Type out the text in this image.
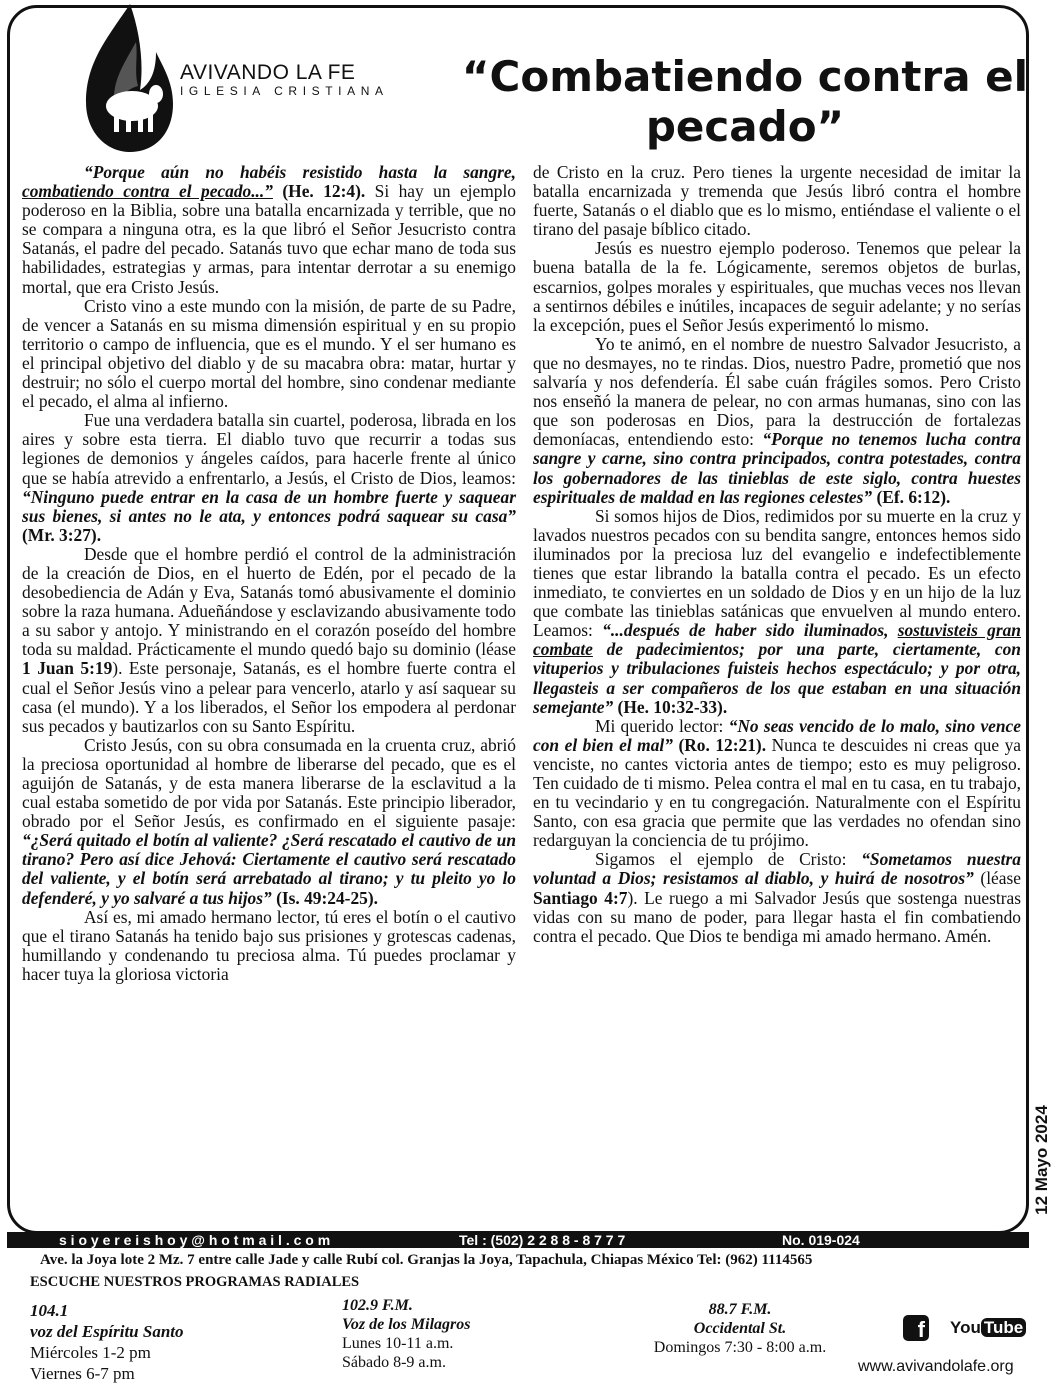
AVIVANDO LA FE
IGLESIA CRISTIANA	“Combatiendo contra el
pecado”

“Porque aún no habéis resistido hasta la sangre, combatiendo contra el pecado...” (He. 12:4). Si hay un ejemplo poderoso en la Biblia, sobre una batalla encarnizada y terrible, que no se compara a ninguna otra, es la que libró el Señor Jesucristo contra Satanás, el padre del pecado. Satanás tuvo que echar mano de toda sus habilidades, estrategias y armas, para intentar derrotar a su enemigo mortal, que era Cristo Jesús.

Cristo vino a este mundo con la misión, de parte de su Padre, de vencer a Satanás en su misma dimensión espiritual y en su propio territorio o campo de influencia, que es el mundo. Y el ser humano es el principal objetivo del diablo y de su macabra obra: matar, hurtar y destruir; no sólo el cuerpo mortal del hombre, sino condenar mediante el pecado, el alma al infierno.

Fue una verdadera batalla sin cuartel, poderosa, librada en los aires y sobre esta tierra. El diablo tuvo que recurrir a todas sus legiones de demonios y ángeles caídos, para hacerle frente al único que se había atrevido a enfrentarlo, a Jesús, el Cristo de Dios, leamos: “Ninguno puede entrar en la casa de un hombre fuerte y saquear sus bienes, si antes no le ata, y entonces podrá saquear su casa” (Mr. 3:27).

Desde que el hombre perdió el control de la administración de la creación de Dios, en el huerto de Edén, por el pecado de la desobediencia de Adán y Eva, Satanás tomó abusivamente el dominio sobre la raza humana. Adueñándose y esclavizando abusivamente todo a su sabor y antojo. Y ministrando en el corazón poseído del hombre toda su maldad. Prácticamente el mundo quedó bajo su dominio (léase 1 Juan 5:19). Este personaje, Satanás, es el hombre fuerte contra el cual el Señor Jesús vino a pelear para vencerlo, atarlo y así saquear su casa (el mundo). Y a los liberados, el Señor los empodera al perdonar sus pecados y bautizarlos con su Santo Espíritu.

Cristo Jesús, con su obra consumada en la cruenta cruz, abrió la preciosa oportunidad al hombre de liberarse del pecado, que es el aguijón de Satanás, y de esta manera liberarse de la esclavitud a la cual estaba sometido de por vida por Satanás. Este principio liberador, obrado por el Señor Jesús, es confirmado en el siguiente pasaje: “¿Será quitado el botín al valiente? ¿Será rescatado el cautivo de un tirano? Pero así dice Jehová: Ciertamente el cautivo será rescatado del valiente, y el botín será arrebatado al tirano; y tu pleito yo lo defenderé, y yo salvaré a tus hijos” (Is. 49:24-25).

Así es, mi amado hermano lector, tú eres el botín o el cautivo que el tirano Satanás ha tenido bajo sus prisiones y grotescas cadenas, humillando y condenando tu preciosa alma. Tú puedes proclamar y hacer tuya la gloriosa victoria

de Cristo en la cruz. Pero tienes la urgente necesidad de imitar la batalla encarnizada y tremenda que Jesús libró contra el hombre fuerte, Satanás o el diablo que es lo mismo, entiéndase el valiente o el tirano del pasaje bíblico citado.

Jesús es nuestro ejemplo poderoso. Tenemos que pelear la buena batalla de la fe. Lógicamente, seremos objetos de burlas, escarnios, golpes morales y espirituales, que muchas veces nos llevan a sentirnos débiles e inútiles, incapaces de seguir adelante; y no serías la excepción, pues el Señor Jesús experimentó lo mismo.

Yo te animó, en el nombre de nuestro Salvador Jesucristo, a que no desmayes, no te rindas. Dios, nuestro Padre, prometió que nos salvaría y nos defendería. Él sabe cuán frágiles somos. Pero Cristo nos enseñó la manera de pelear, no con armas humanas, sino con las que son poderosas en Dios, para la destrucción de fortalezas demoníacas, entendiendo esto: “Porque no tenemos lucha contra sangre y carne, sino contra principados, contra potestades, contra los gobernadores de las tinieblas de este siglo, contra huestes espirituales de maldad en las regiones celestes” (Ef. 6:12).

Si somos hijos de Dios, redimidos por su muerte en la cruz y lavados nuestros pecados con su bendita sangre, entonces hemos sido iluminados por la preciosa luz del evangelio e indefectiblemente tienes que estar librando la batalla contra el pecado. Es un efecto inmediato, te conviertes en un soldado de Dios y en un hijo de la luz que combate las tinieblas satánicas que envuelven al mundo entero. Leamos: “...después de haber sido iluminados, sostuvisteis gran combate de padecimientos; por una parte, ciertamente, con vituperios y tribulaciones fuisteis hechos espectáculo; y por otra, llegasteis a ser compañeros de los que estaban en una situación semejante” (He. 10:32-33).

Mi querido lector: “No seas vencido de lo malo, sino vence con el bien el mal” (Ro. 12:21). Nunca te descuides ni creas que ya venciste, no cantes victoria antes de tiempo; esto es muy peligroso. Ten cuidado de ti mismo. Pelea contra el mal en tu casa, en tu trabajo, en tu vecindario y en tu congregación. Naturalmente con el Espíritu Santo, con esa gracia que permite que las verdades no ofendan sino redarguyan la conciencia de tu prójimo.

Sigamos el ejemplo de Cristo: “Sometamos nuestra voluntad a Dios; resistamos al diablo, y huirá de nosotros” (léase Santiago 4:7). Le ruego a mi Salvador Jesús que sostenga nuestras vidas con su mano de poder, para llegar hasta el fin combatiendo contra el pecado. Que Dios te bendiga mi amado hermano. Amén.

12 Mayo 2024
s i o y e r e i s h o y @ h o t m a i l . c o m	Tel : (502) 2 2 8 8 - 8 7 7 7	No. 019-024
Ave. la Joya lote 2 Mz. 7 entre calle Jade y calle Rubí col. Granjas la Joya, Tapachula, Chiapas México Tel: (962) 1114565
ESCUCHE NUESTROS PROGRAMAS RADIALES
104.1
voz del Espíritu Santo
Miércoles 1-2 pm
Viernes 6-7 pm
102.9 F.M.
Voz de los Milagros
Lunes 10-11 a.m.
Sábado 8-9 a.m.
88.7 F.M.
Occidental St.
Domingos 7:30 - 8:00 a.m.
f You Tube
www.avivandolafe.org
